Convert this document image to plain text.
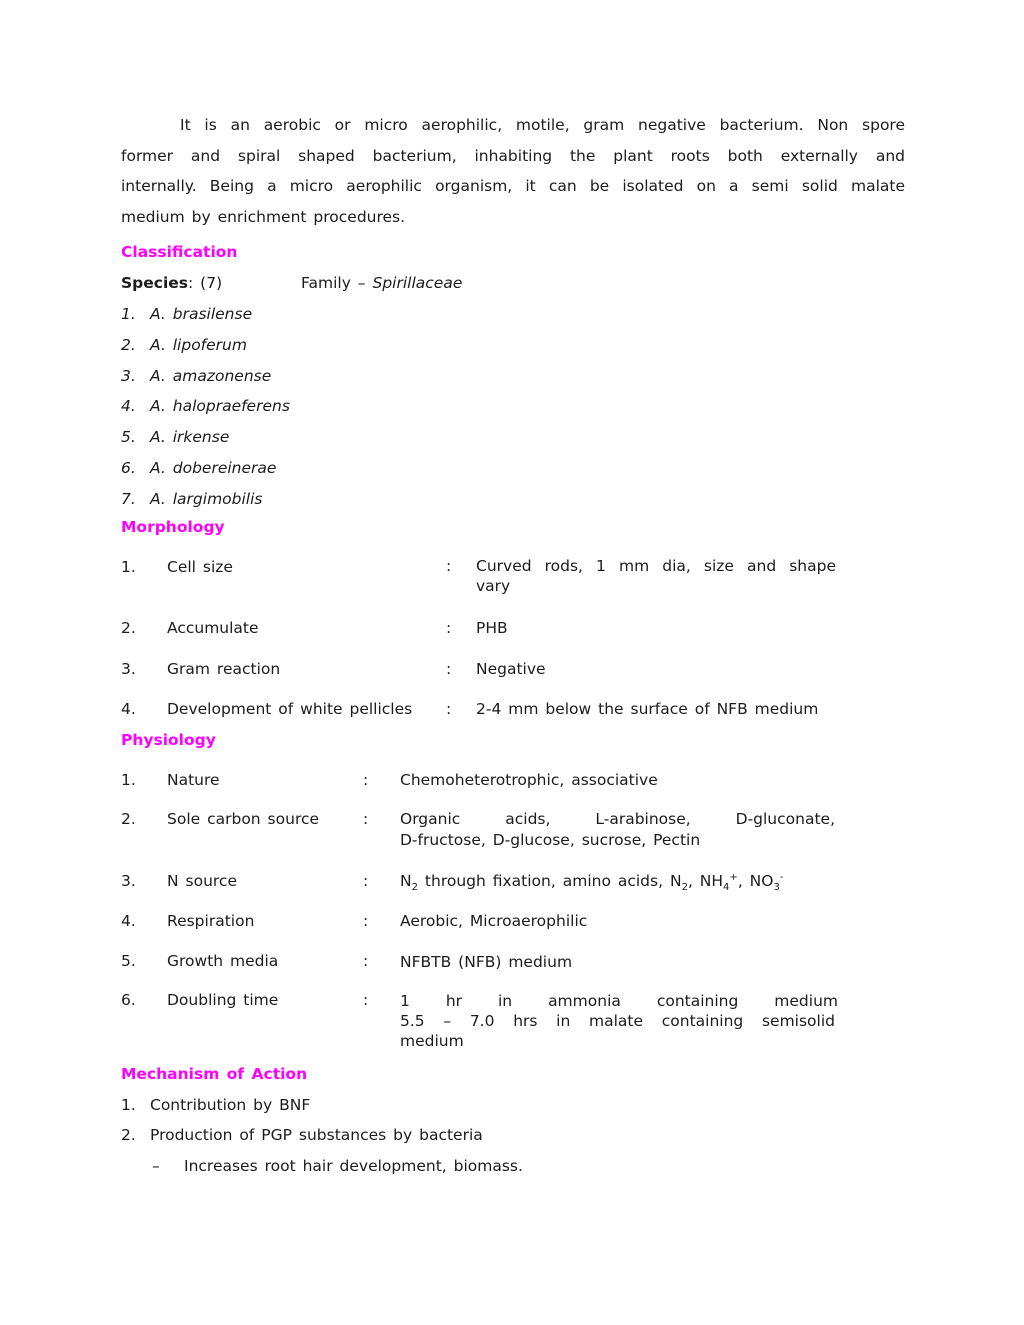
It is an aerobic or micro aerophilic, motile, gram negative bacterium. Non spore
former and spiral shaped bacterium, inhabiting the plant roots both externally and
internally. Being a micro aerophilic organism, it can be isolated on a semi solid malate
medium by enrichment procedures.
Classification
Species: (7)	Family – Spirillaceae
1. A. brasilense
2. A. lipoferum
3. A. amazonense
4. A. halopraeferens
5. A. irkense
6. A. dobereinerae
7. A. largimobilis
Morphology
1. Cell size	: Curved rods, 1 mm dia, size and shape
vary
2. Accumulate	: PHB
3. Gram reaction	: Negative
4. Development of white pellicles : 2-4 mm below the surface of NFB medium
Physiology
1. Nature	: Chemoheterotrophic, associative
2. Sole carbon source	: Organic acids, L-arabinose, D-gluconate,
D-fructose, D-glucose, sucrose, Pectin
3. N source	: $N_2$ through fixation, amino acids, $N_2$, $NH_4^+$, $NO_3^-$
4. Respiration	: Aerobic, Microaerophilic
5. Growth media	: NFBTB (NFB) medium
6. Doubling time	: 1 hr in ammonia containing medium
5.5 – 7.0 hrs in malate containing semisolid
medium
Mechanism of Action
1. Contribution by BNF
2. Production of PGP substances by bacteria
– Increases root hair development, biomass.
